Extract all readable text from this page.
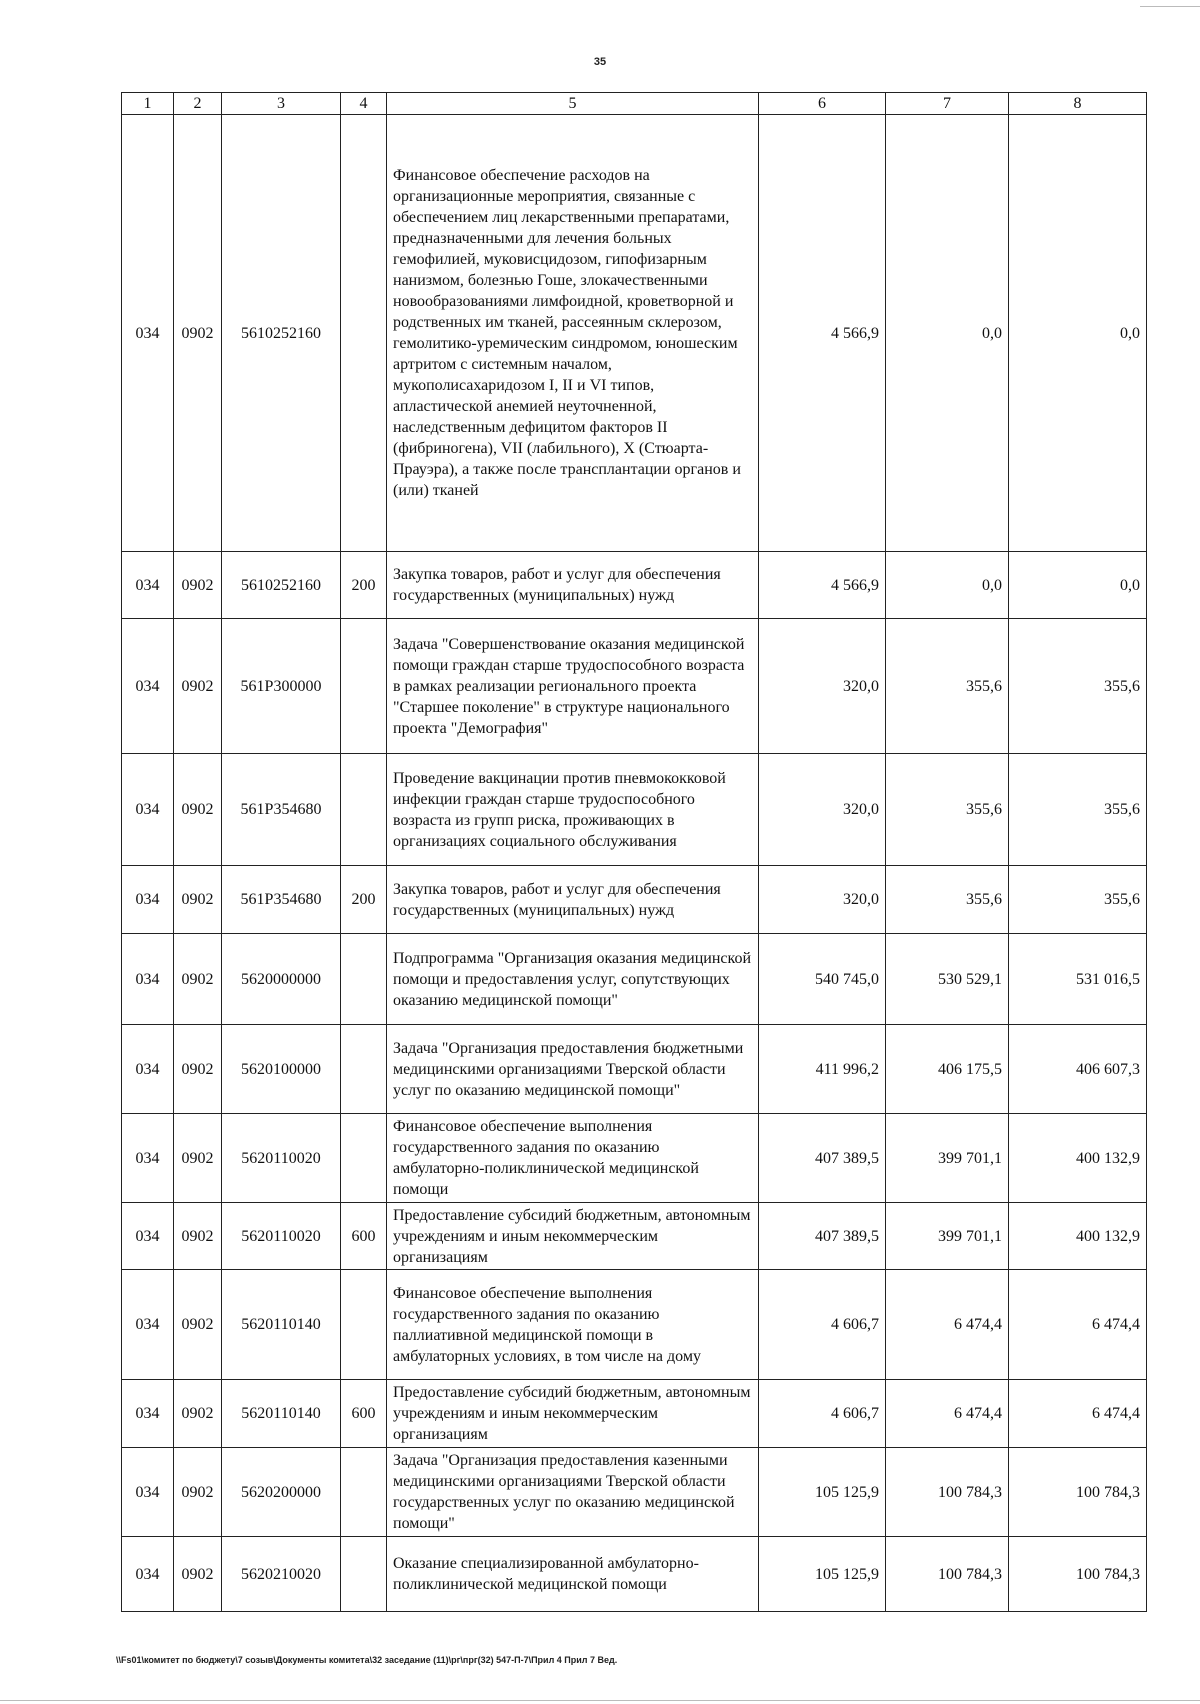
35
1	2	3	4	5	6	7	8
034	0902	5610252160		Финансовое обеспечение расходов на организационные мероприятия, связанные с обеспечением лиц лекарственными препаратами, предназначенными для лечения больных гемофилией, муковисцидозом, гипофизарным нанизмом, болезнью Гоше, злокачественными новообразованиями лимфоидной, кроветворной и родственных им тканей, рассеянным склерозом, гемолитико-уремическим синдромом, юношеским артритом с системным началом, мукополисахаридозом I, II и VI типов, апластической анемией неуточненной, наследственным дефицитом факторов II (фибриногена), VII (лабильного), X (Стюарта-Прауэра), а также после трансплантации органов и (или) тканей	4 566,9	0,0	0,0
034	0902	5610252160	200	Закупка товаров, работ и услуг для обеспечения государственных (муниципальных) нужд	4 566,9	0,0	0,0
034	0902	561P300000		Задача "Совершенствование оказания медицинской помощи граждан старше трудоспособного возраста в рамках реализации регионального проекта "Старшее поколение" в структуре национального проекта "Демография"	320,0	355,6	355,6
034	0902	561P354680		Проведение вакцинации против пневмококковой инфекции граждан старше трудоспособного возраста из групп риска, проживающих в организациях социального обслуживания	320,0	355,6	355,6
034	0902	561P354680	200	Закупка товаров, работ и услуг для обеспечения государственных (муниципальных) нужд	320,0	355,6	355,6
034	0902	5620000000		Подпрограмма "Организация оказания медицинской помощи и предоставления услуг, сопутствующих оказанию медицинской помощи"	540 745,0	530 529,1	531 016,5
034	0902	5620100000		Задача "Организация предоставления бюджетными медицинскими организациями Тверской области услуг по оказанию медицинской помощи"	411 996,2	406 175,5	406 607,3
034	0902	5620110020		Финансовое обеспечение выполнения государственного задания по оказанию амбулаторно-поликлинической медицинской помощи	407 389,5	399 701,1	400 132,9
034	0902	5620110020	600	Предоставление субсидий бюджетным, автономным учреждениям и иным некоммерческим организациям	407 389,5	399 701,1	400 132,9
034	0902	5620110140		Финансовое обеспечение выполнения государственного задания по оказанию паллиативной медицинской помощи в амбулаторных условиях, в том числе на дому	4 606,7	6 474,4	6 474,4
034	0902	5620110140	600	Предоставление субсидий бюджетным, автономным учреждениям и иным некоммерческим организациям	4 606,7	6 474,4	6 474,4
034	0902	5620200000		Задача "Организация предоставления казенными медицинскими организациями Тверской области государственных услуг по оказанию медицинской помощи"	105 125,9	100 784,3	100 784,3
034	0902	5620210020		Оказание специализированной амбулаторно-поликлинической медицинской помощи	105 125,9	100 784,3	100 784,3
\\Fs01\комитет по бюджету\7 созыв\Документы комитета\32 заседание (11)\рг\прг(32) 547-П-7\Прил 4 Прил 7 Вед.
